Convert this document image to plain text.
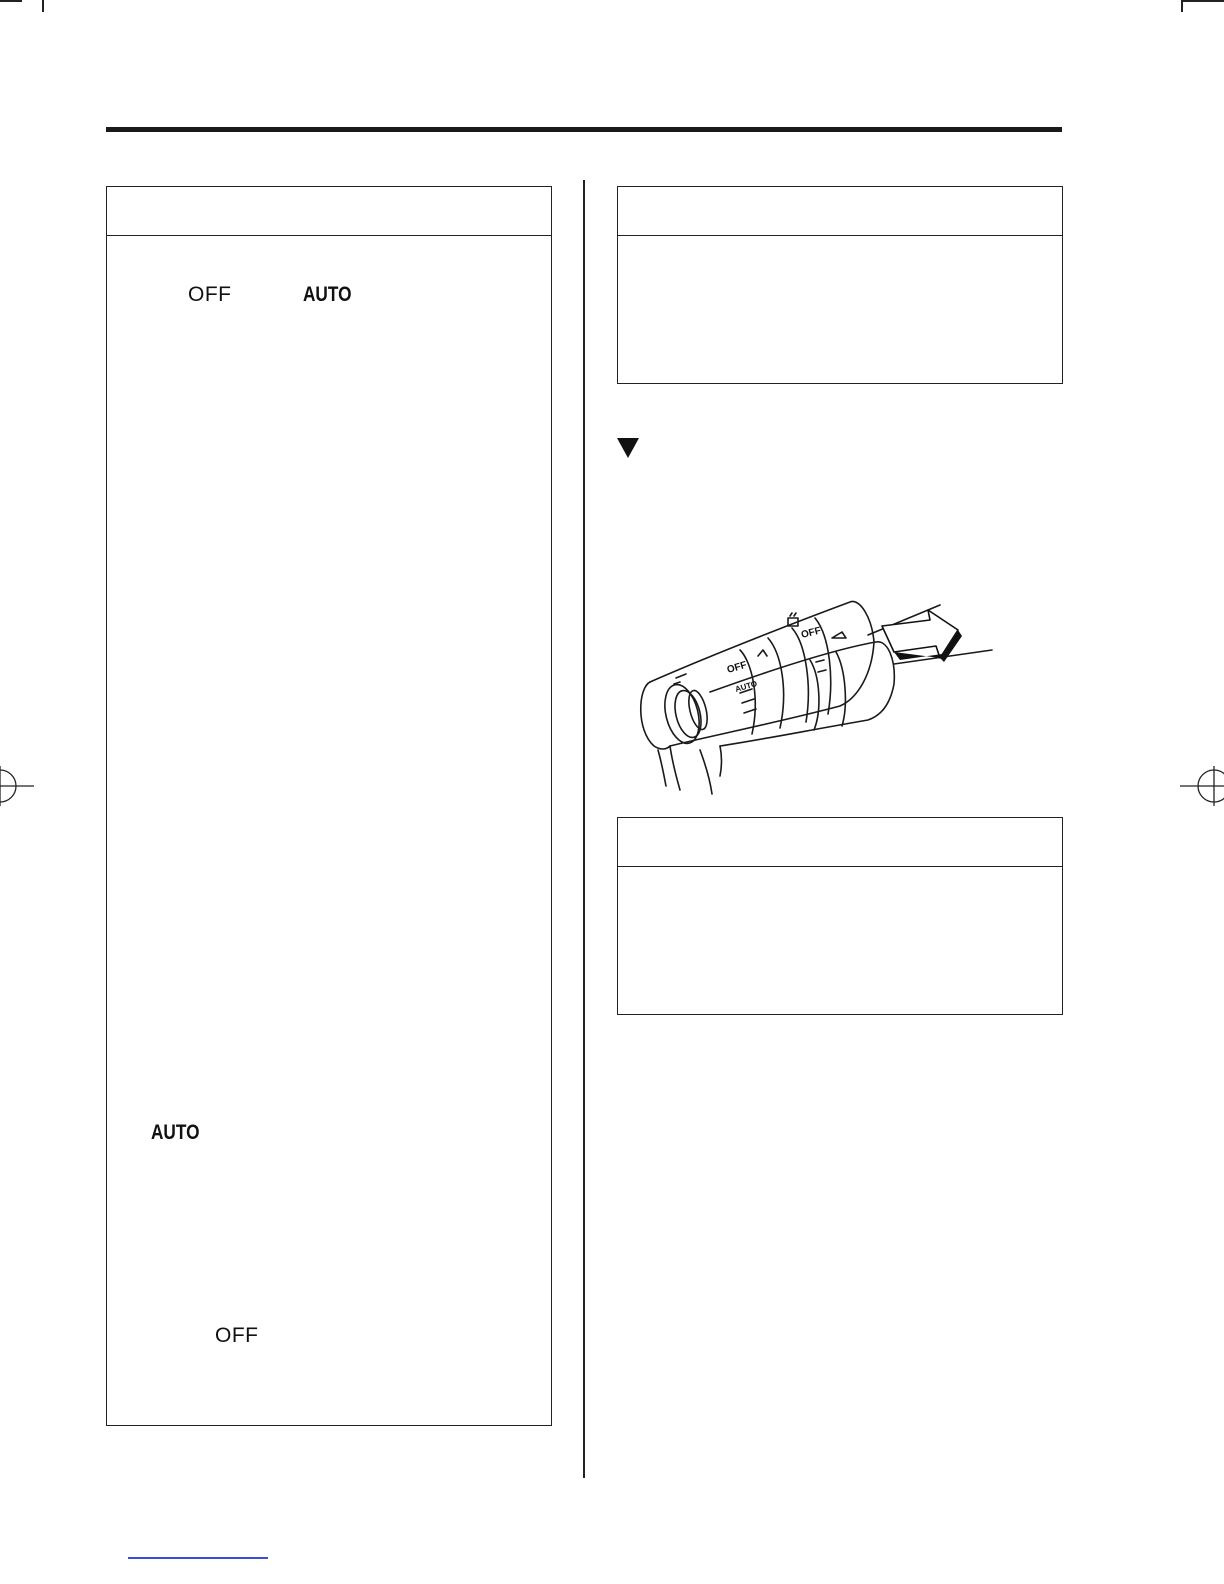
OFF	AUTO
AUTO
OFF
OFF
OFF
AUTO
